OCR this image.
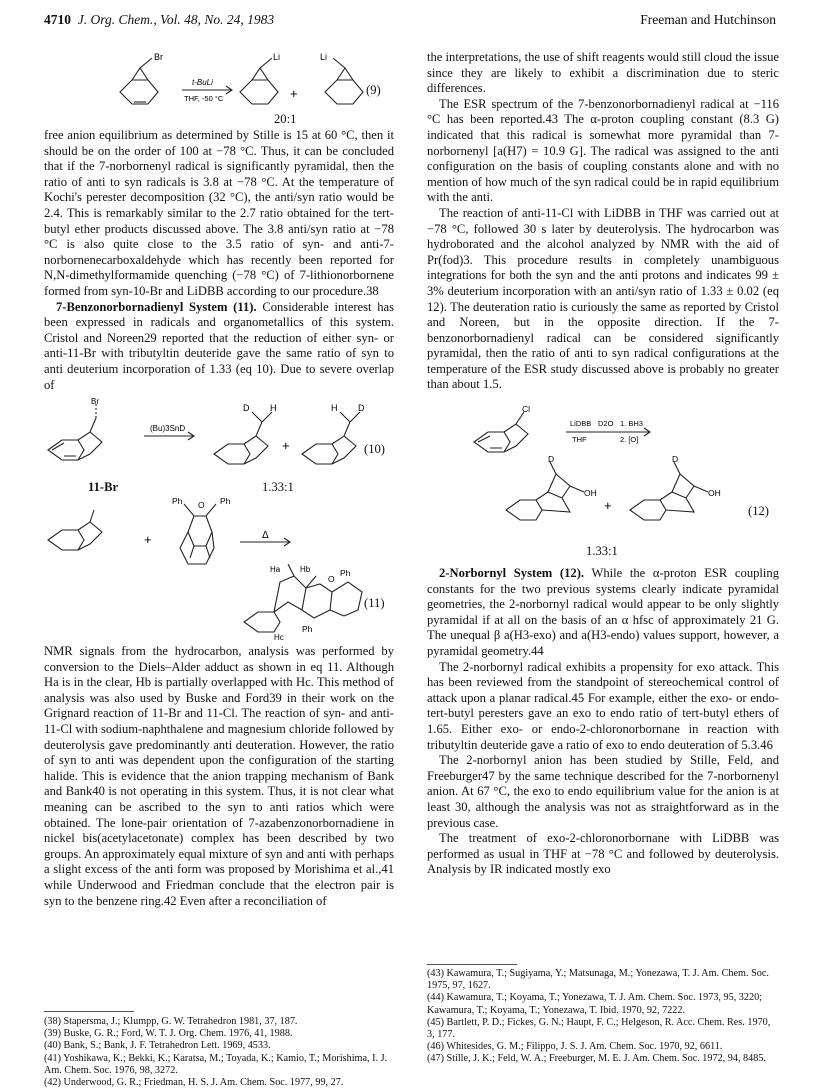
4710 J. Org. Chem., Vol. 48, No. 24, 1983	Freeman and Hutchinson
Br	Li	Li
t-BuLi
THF, -50 °C	+	(9)
20:1

free anion equilibrium as determined by Stille is 15 at 60 °C, then it should be on the order of 100 at −78 °C. Thus, it can be concluded that if the 7-norbornenyl radical is significantly pyramidal, then the ratio of anti to syn radicals is 3.8 at −78 °C. At the temperature of Kochi's perester decomposition (32 °C), the anti/syn ratio would be 2.4. This is remarkably similar to the 2.7 ratio obtained for the tert-butyl ether products discussed above. The 3.8 anti/syn ratio at −78 °C is also quite close to the 3.5 ratio of syn- and anti-7-norbornenecarboxaldehyde which has recently been reported for N,N-dimethylformamide quenching (−78 °C) of 7-lithionorbornene formed from syn-10-Br and LiDBB according to our procedure.38

7-Benzonorbornadienyl System (11). Considerable interest has been expressed in radicals and organometallics of this system. Cristol and Noreen29 reported that the reduction of either syn- or anti-11-Br with tributyltin deuteride gave the same ratio of syn to anti deuterium incorporation of 1.33 (eq 10). Due to severe overlap of

Br
(Bu)3SnD
D H	H D
+	(10)
11-Br	1.33:1
Ph O Ph
+	Δ
Ha Hb
Hc
O
Ph
Ph
(11)

NMR signals from the hydrocarbon, analysis was performed by conversion to the Diels–Alder adduct as shown in eq 11. Although Ha is in the clear, Hb is partially overlapped with Hc. This method of analysis was also used by Buske and Ford39 in their work on the Grignard reaction of 11-Br and 11-Cl. The reaction of syn- and anti-11-Cl with sodium-naphthalene and magnesium chloride followed by deuterolysis gave predominantly anti deuteration. However, the ratio of syn to anti was dependent upon the configuration of the starting halide. This is evidence that the anion trapping mechanism of Bank and Bank40 is not operating in this system. Thus, it is not clear what meaning can be ascribed to the syn to anti ratios which were obtained. The lone-pair orientation of 7-azabenzonorbornadiene in nickel bis(acetylacetonate) complex has been described by two groups. An approximately equal mixture of syn and anti with perhaps a slight excess of the anti form was proposed by Morishima et al.,41 while Underwood and Friedman conclude that the electron pair is syn to the benzene ring.42 Even after a reconciliation of

(38) Stapersma, J.; Klumpp, G. W. Tetrahedron 1981, 37, 187.

(39) Buske, G. R.; Ford, W. T. J. Org. Chem. 1976, 41, 1988.

(40) Bank, S.; Bank, J. F. Tetrahedron Lett. 1969, 4533.

(41) Yoshikawa, K.; Bekki, K.; Karatsa, M.; Toyada, K.; Kamio, T.; Morishima, I. J. Am. Chem. Soc. 1976, 98, 3272.

(42) Underwood, G. R.; Friedman, H. S. J. Am. Chem. Soc. 1977, 99, 27.

the interpretations, the use of shift reagents would still cloud the issue since they are likely to exhibit a discrimination due to steric differences.

The ESR spectrum of the 7-benzonorbornadienyl radical at −116 °C has been reported.43 The α-proton coupling constant (8.3 G) indicated that this radical is somewhat more pyramidal than 7-norbornenyl [a(H7) = 10.9 G]. The radical was assigned to the anti configuration on the basis of coupling constants alone and with no mention of how much of the syn radical could be in rapid equilibrium with the anti.

The reaction of anti-11-Cl with LiDBB in THF was carried out at −78 °C, followed 30 s later by deuterolysis. The hydrocarbon was hydroborated and the alcohol analyzed by NMR with the aid of Pr(fod)3. This procedure results in completely unambiguous integrations for both the syn and the anti protons and indicates 99 ± 3% deuterium incorporation with an anti/syn ratio of 1.33 ± 0.02 (eq 12). The deuteration ratio is curiously the same as reported by Cristol and Noreen, but in the opposite direction. If the 7-benzonorbornadienyl radical can be considered significantly pyramidal, then the ratio of anti to syn radical configurations at the temperature of the ESR study discussed above is probably no greater than about 1.5.

Cl
LiDBB D2O 1. BH3
THF	2. [O]
D
OH
D
OH
+	(12)
1.33:1

2-Norbornyl System (12). While the α-proton ESR coupling constants for the two previous systems clearly indicate pyramidal geometries, the 2-norbornyl radical would appear to be only slightly pyramidal if at all on the basis of an α hfsc of approximately 21 G. The unequal β a(H3-exo) and a(H3-endo) values support, however, a pyramidal geometry.44

The 2-norbornyl radical exhibits a propensity for exo attack. This has been reviewed from the standpoint of stereochemical control of attack upon a planar radical.45 For example, either the exo- or endo-tert-butyl peresters gave an exo to endo ratio of tert-butyl ethers of 1.65. Either exo- or endo-2-chloronorbornane in reaction with tributyltin deuteride gave a ratio of exo to endo deuteration of 5.3.46

The 2-norbornyl anion has been studied by Stille, Feld, and Freeburger47 by the same technique described for the 7-norbornenyl anion. At 67 °C, the exo to endo equilibrium value for the anion is at least 30, although the analysis was not as straightforward as in the previous case.

The treatment of exo-2-chloronorbornane with LiDBB was performed as usual in THF at −78 °C and followed by deuterolysis. Analysis by IR indicated mostly exo

(43) Kawamura, T.; Sugiyama, Y.; Matsunaga, M.; Yonezawa, T. J. Am. Chem. Soc. 1975, 97, 1627.

(44) Kawamura, T.; Koyama, T.; Yonezawa, T. J. Am. Chem. Soc. 1973, 95, 3220; Kawamura, T.; Koyama, T.; Yonezawa, T. Ibid. 1970, 92, 7222.

(45) Bartlett, P. D.; Fickes, G. N.; Haupt, F. C.; Helgeson, R. Acc. Chem. Res. 1970, 3, 177.

(46) Whitesides, G. M.; Filippo, J. S. J. Am. Chem. Soc. 1970, 92, 6611.

(47) Stille, J. K.; Feld, W. A.; Freeburger, M. E. J. Am. Chem. Soc. 1972, 94, 8485.
